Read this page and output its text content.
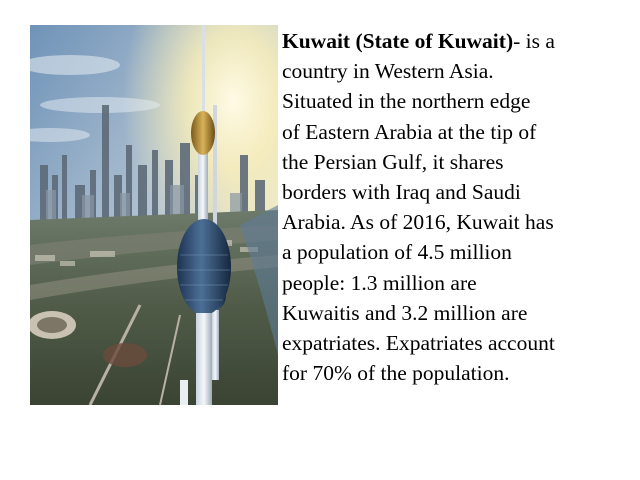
Kuwait (State of Kuwait)- is a
country in Western Asia.
Situated in the northern edge
of Eastern Arabia at the tip of
the Persian Gulf, it shares
borders with Iraq and Saudi
Arabia. As of 2016, Kuwait has
a population of 4.5 million
people: 1.3 million are
Kuwaitis and 3.2 million are
expatriates. Expatriates account
for 70% of the population.
